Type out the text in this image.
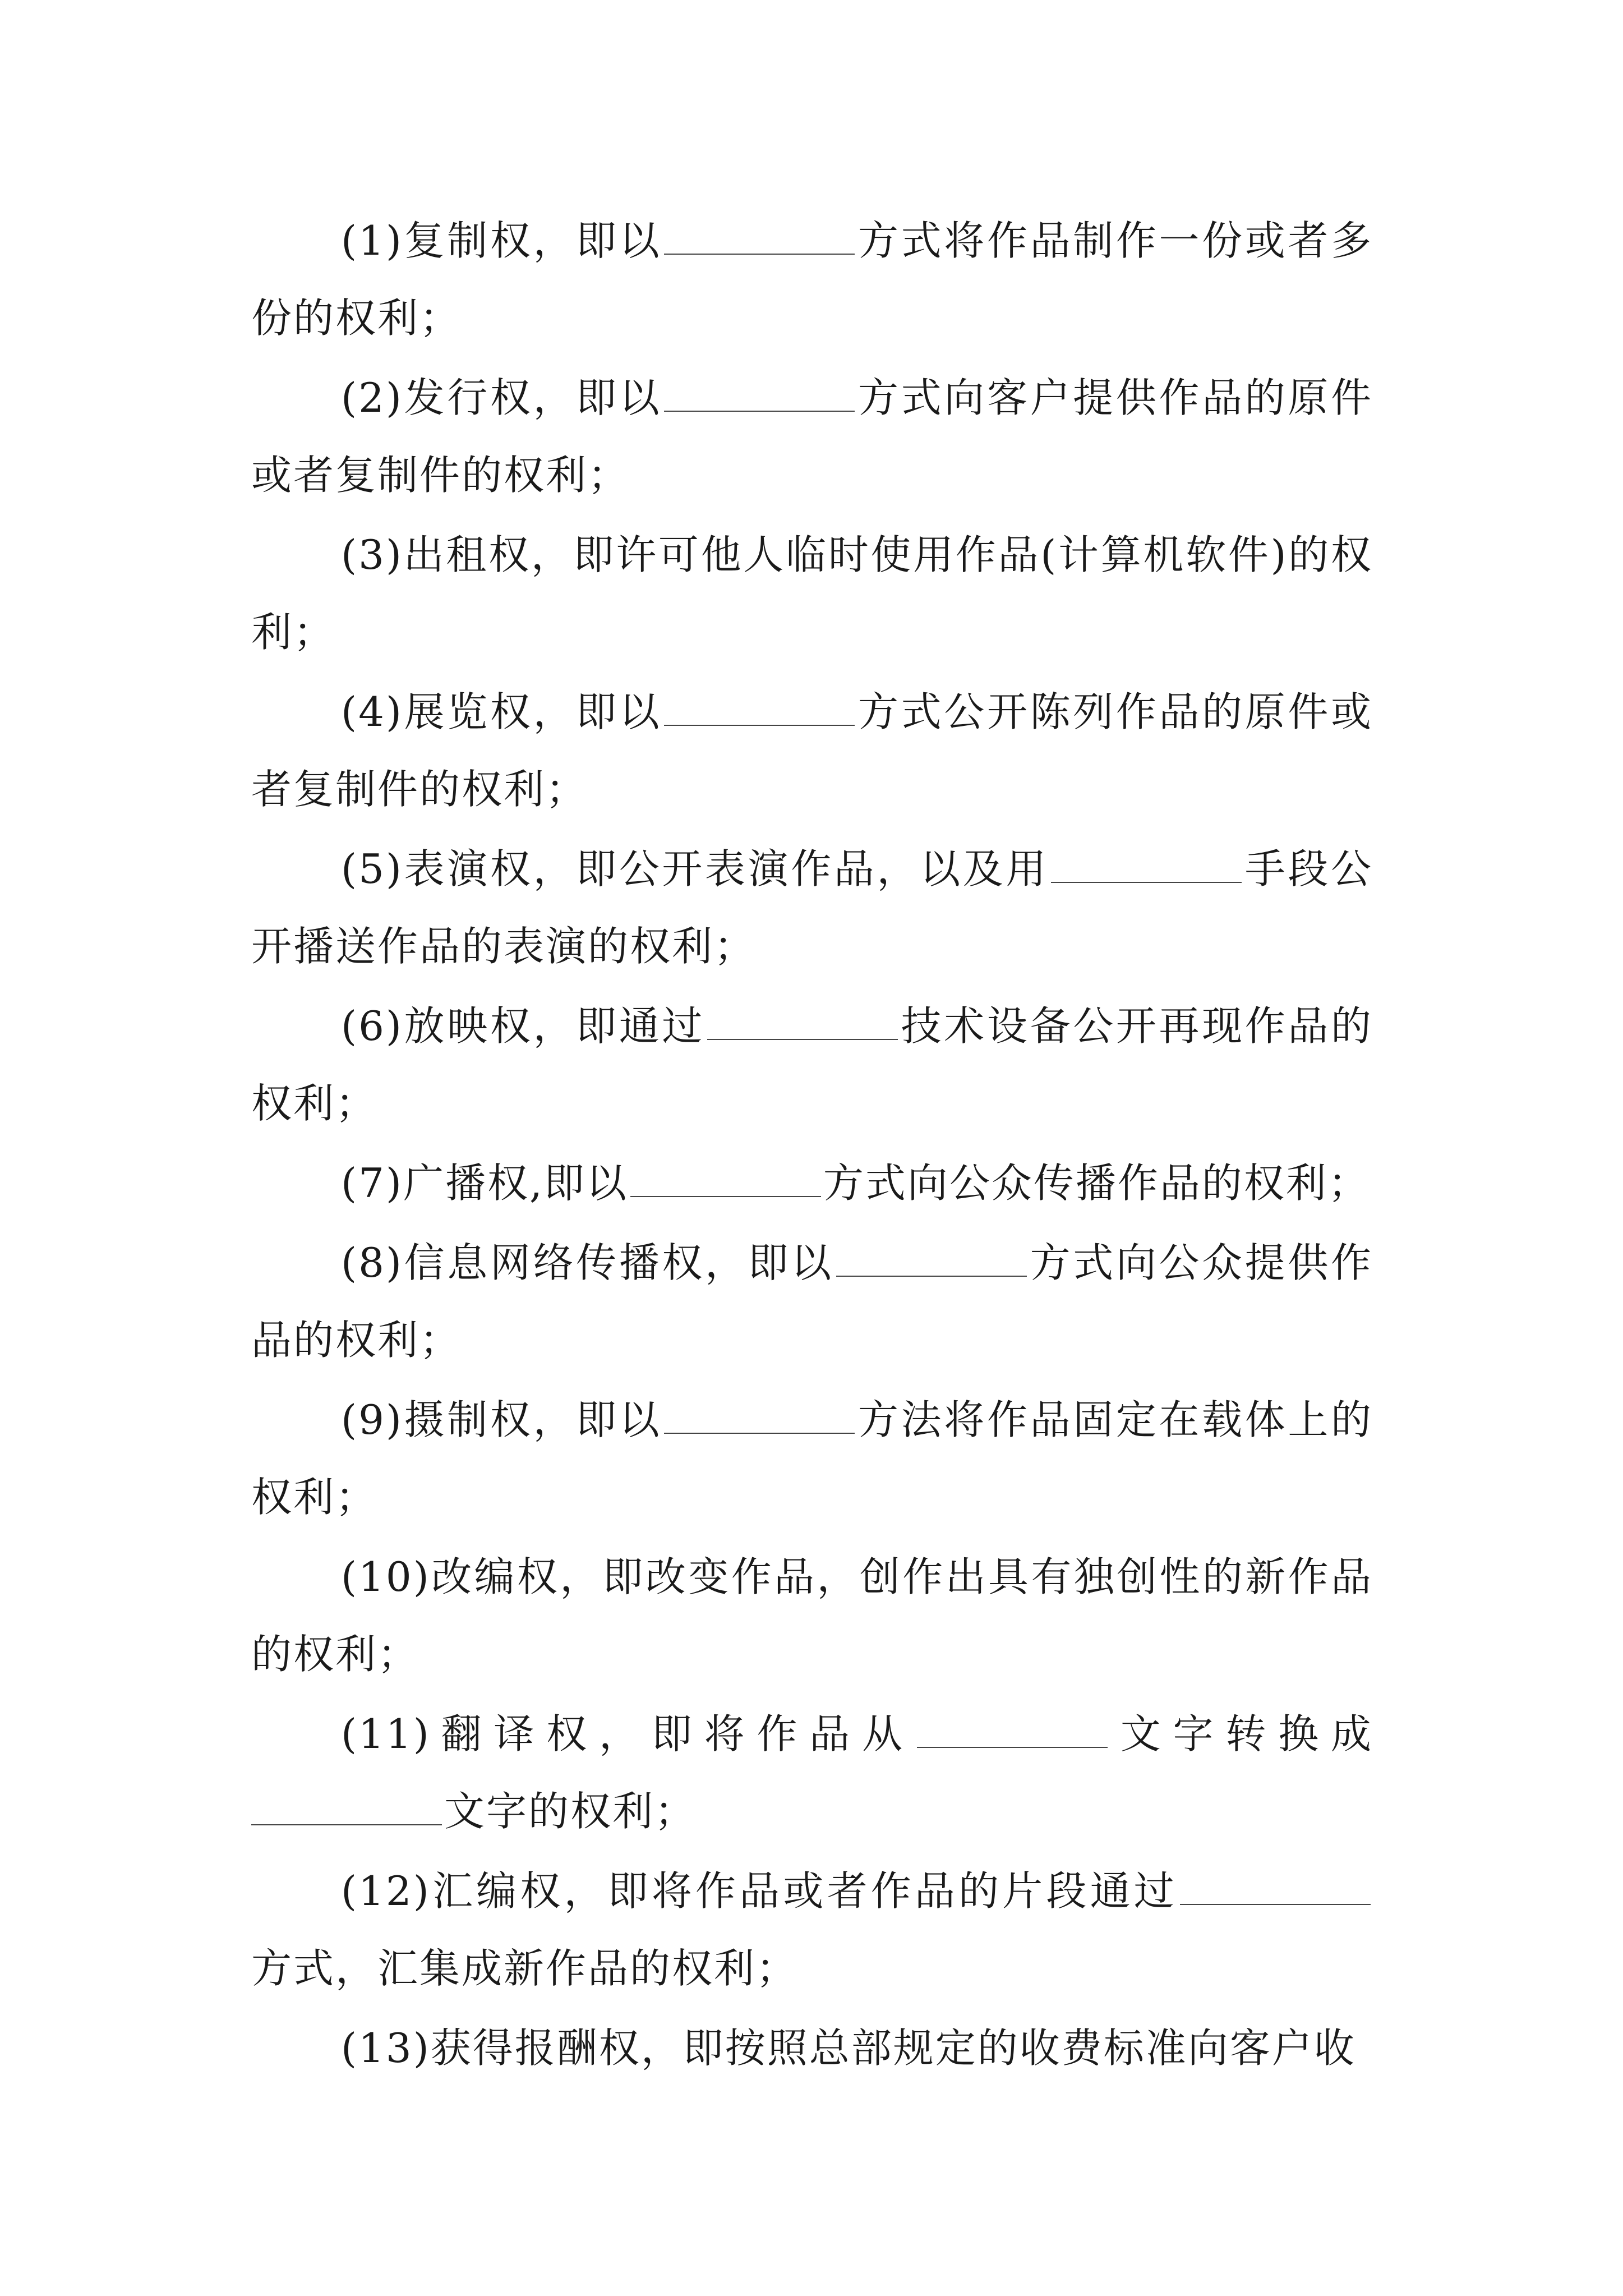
(1)复制权，即以	方式将作品制作一份或者多份的权利；

(2)发行权，即以	方式向客户提供作品的原件或者复制件的权利；

(3)出租权，即许可他人临时使用作品(计算机软件)的权利；

(4)展览权，即以	方式公开陈列作品的原件或者复制件的权利；

(5)表演权，即公开表演作品，以及用	手段公开播送作品的表演的权利；

(6)放映权，即通过	技术设备公开再现作品的权利；

(7)广播权,即以	方式向公众传播作品的权利；

(8)信息网络传播权，即以	方式向公众提供作品的权利；

(9)摄制权，即以	方法将作品固定在载体上的权利；

(10)改编权，即改变作品，创作出具有独创性的新作品的权利；

(11)翻译权，即将作品从	文字转换成文字的权利；

(12)汇编权，即将作品或者作品的片段通过方式，汇集成新作品的权利；

(13)获得报酬权，即按照总部规定的收费标准向客户收
